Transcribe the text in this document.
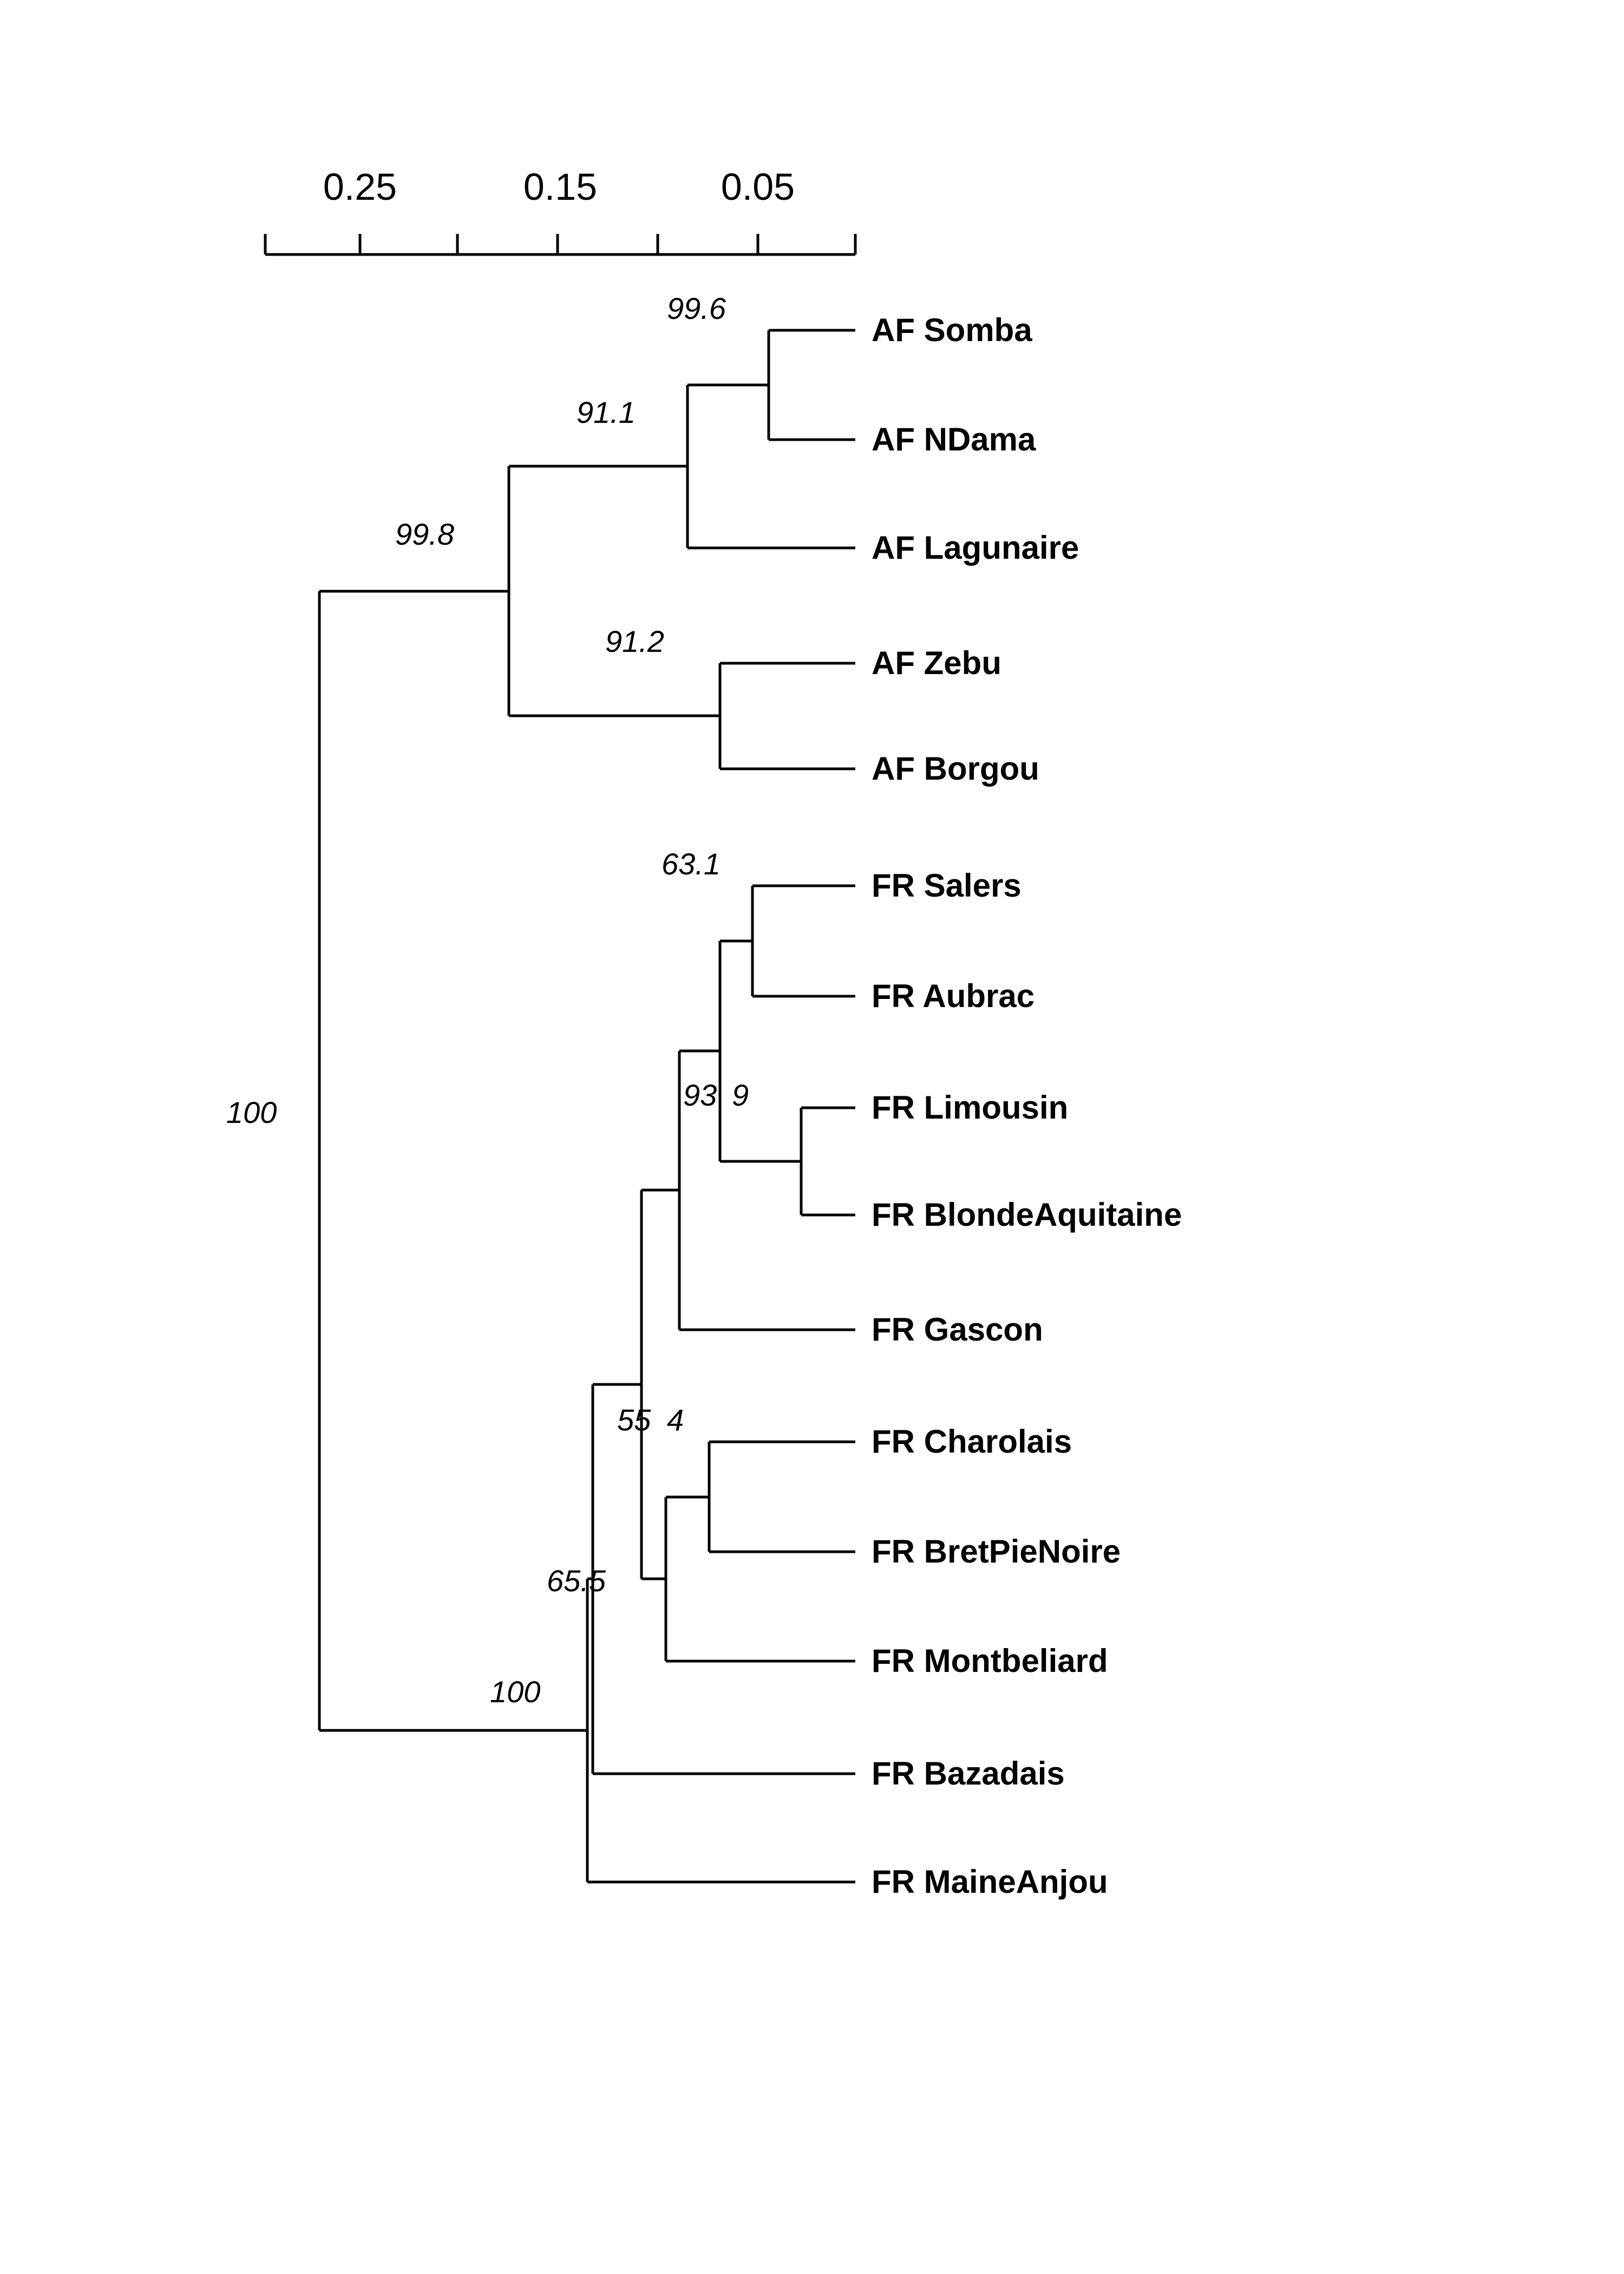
0.25	0.15	0.05
AF Somba
AF NDama
AF Lagunaire
AF Zebu
AF Borgou
FR Salers
FR Aubrac
FR Limousin
FR BlondeAquitaine
FR Gascon
FR Charolais
FR BretPieNoire
FR Montbeliard
FR Bazadais
FR MaineAnjou
99.6
91.1
99.8
91.2
63.1
93 9
55 4
65.5
100
100
